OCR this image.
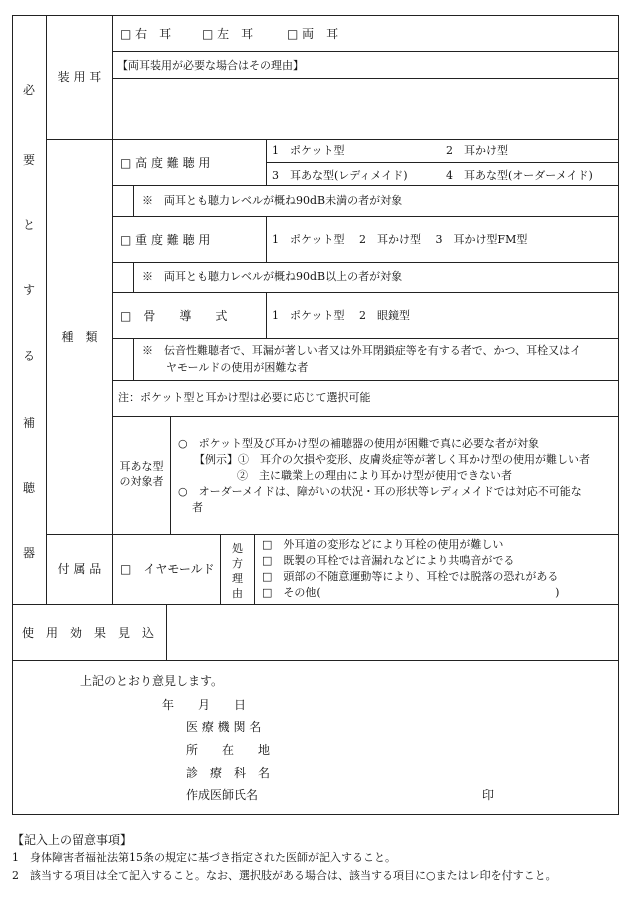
必
要
と
す
る
補
聴
器
装 用 耳
□ 右　耳	□ 左　耳	□ 両　耳
【両耳装用が必要な場合はその理由】
種　類
□ 高 度 難 聴 用
1　ポケット型	2　耳かけ型
3　耳あな型(レディメイド)	4　耳あな型(オーダーメイド)
※　両耳とも聴力レベルが概ね90dB未満の者が対象
□ 重 度 難 聴 用	1　ポケット型　 2　耳かけ型　 3　耳かけ型FM型
※　両耳とも聴力レベルが概ね90dB以上の者が対象
□　骨　　導　　式	1　ポケット型　 2　眼鏡型
※　伝音性難聴者で、耳漏が著しい者又は外耳閉鎖症等を有する者で、かつ、耳栓又はイ
ヤモールドの使用が困難な者
注：ポケット型と耳かけ型は必要に応じて選択可能
耳あな型
の対象者
○　ポケット型及び耳かけ型の補聴器の使用が困難で真に必要な者が対象
【例示】①　耳介の欠損や変形、皮膚炎症等が著しく耳かけ型の使用が難しい者
②　主に職業上の理由により耳かけ型が使用できない者
○　オーダーメイドは、障がいの状況・耳の形状等レディメイドでは対応不可能な
者
付 属 品	□　イヤモールド
処
方
理
由
□　外耳道の変形などにより耳栓の使用が難しい
□　既製の耳栓では音漏れなどにより共鳴音がでる
□　頭部の不随意運動等により、耳栓では脱落の恐れがある
□　その他(　　　　　　　　　　　　　　　　　　　　　 )
使　用　効　果　見　込
上記のとおり意見します。
年　　月　　日
医 療 機 関 名
所　　在　　地
診　療　科　名
作成医師氏名	印
【記入上の留意事項】
1　身体障害者福祉法第15条の規定に基づき指定された医師が記入すること。
2　該当する項目は全て記入すること。なお、選択肢がある場合は、該当する項目に○またはレ印を付すこと。
